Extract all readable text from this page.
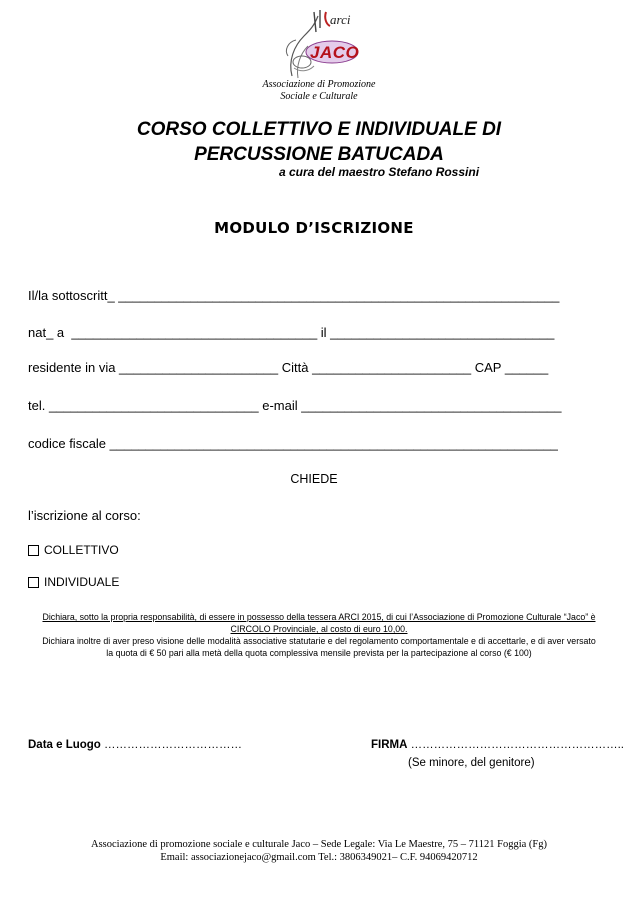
arci
JACO
Associazione di Promozione
Sociale e Culturale
CORSO COLLETTIVO E INDIVIDUALE DI
PERCUSSIONE BATUCADA
a cura del maestro Stefano Rossini
MODULO D’ISCRIZIONE
Il/la sottoscritt_ _____________________________________________________________
nat_ a  __________________________________ il _______________________________
residente in via ______________________ Città ______________________ CAP ______
tel. _____________________________ e-mail ____________________________________
codice fiscale ______________________________________________________________
CHIEDE
l’iscrizione al corso:
COLLETTIVO
INDIVIDUALE
Dichiara, sotto la propria responsabilità, di essere in possesso della tessera ARCI 2015, di cui l’Associazione di Promozione Culturale “Jaco” è
CIRCOLO Provinciale, al costo di euro 10,00.
Dichiara inoltre di aver preso visione delle modalità associative statutarie e del regolamento comportamentale e di accettarle, e di aver versato
la quota di € 50 pari alla metà della quota complessiva mensile prevista per la partecipazione al corso (€ 100)
Data e Luogo ………………………………	FIRMA ………………………………………………..
(Se minore, del genitore)
Associazione di promozione sociale e culturale Jaco – Sede Legale: Via Le Maestre, 75 – 71121 Foggia (Fg)
Email: associazionejaco@gmail.com Tel.: 3806349021– C.F. 94069420712
